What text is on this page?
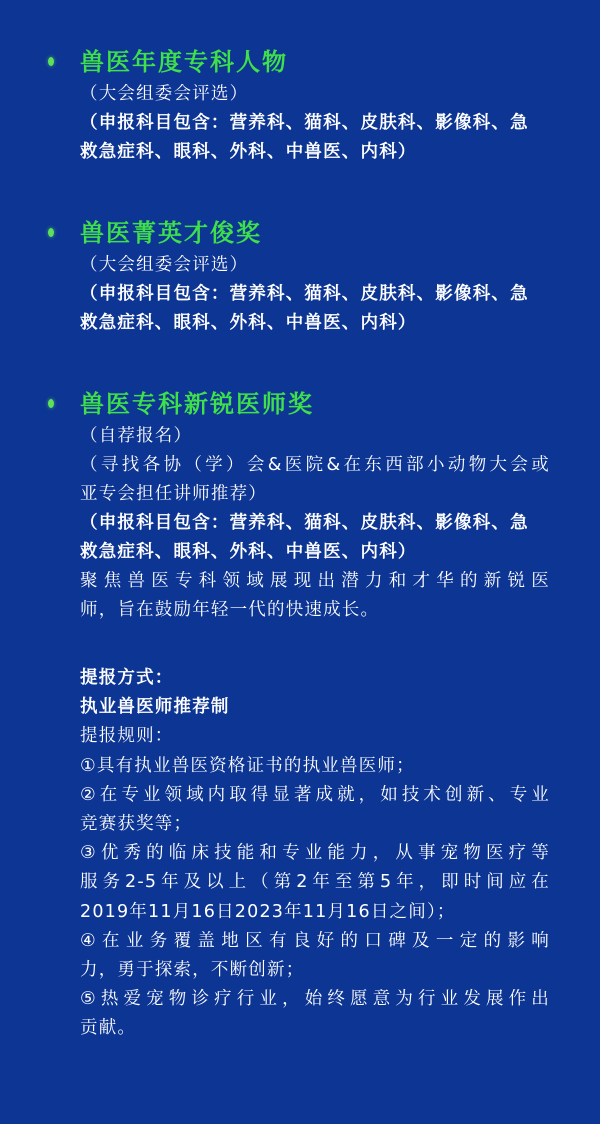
兽医年度专科人物
（大会组委会评选）
（申报科目包含：营养科、猫科、皮肤科、影像科、急
救急症科、眼科、外科、中兽医、内科）
兽医菁英才俊奖
（大会组委会评选）
（申报科目包含：营养科、猫科、皮肤科、影像科、急
救急症科、眼科、外科、中兽医、内科）
兽医专科新锐医师奖
（自荐报名）
（寻找各协（学）会&医院&在东西部小动物大会或
亚专会担任讲师推荐）
（申报科目包含：营养科、猫科、皮肤科、影像科、急
救急症科、眼科、外科、中兽医、内科）
聚焦兽医专科领域展现出潜力和才华的新锐医
师，旨在鼓励年轻一代的快速成长。
提报方式：
执业兽医师推荐制
提报规则：
①具有执业兽医资格证书的执业兽医师；
②在专业领域内取得显著成就，如技术创新、专业
竞赛获奖等；
③优秀的临床技能和专业能力，从事宠物医疗等
服务2-5年及以上（第2年至第5年，即时间应在
2019年11月16日2023年11月16日之间）；
④在业务覆盖地区有良好的口碑及一定的影响
力，勇于探索，不断创新；
⑤热爱宠物诊疗行业，始终愿意为行业发展作出
贡献。
